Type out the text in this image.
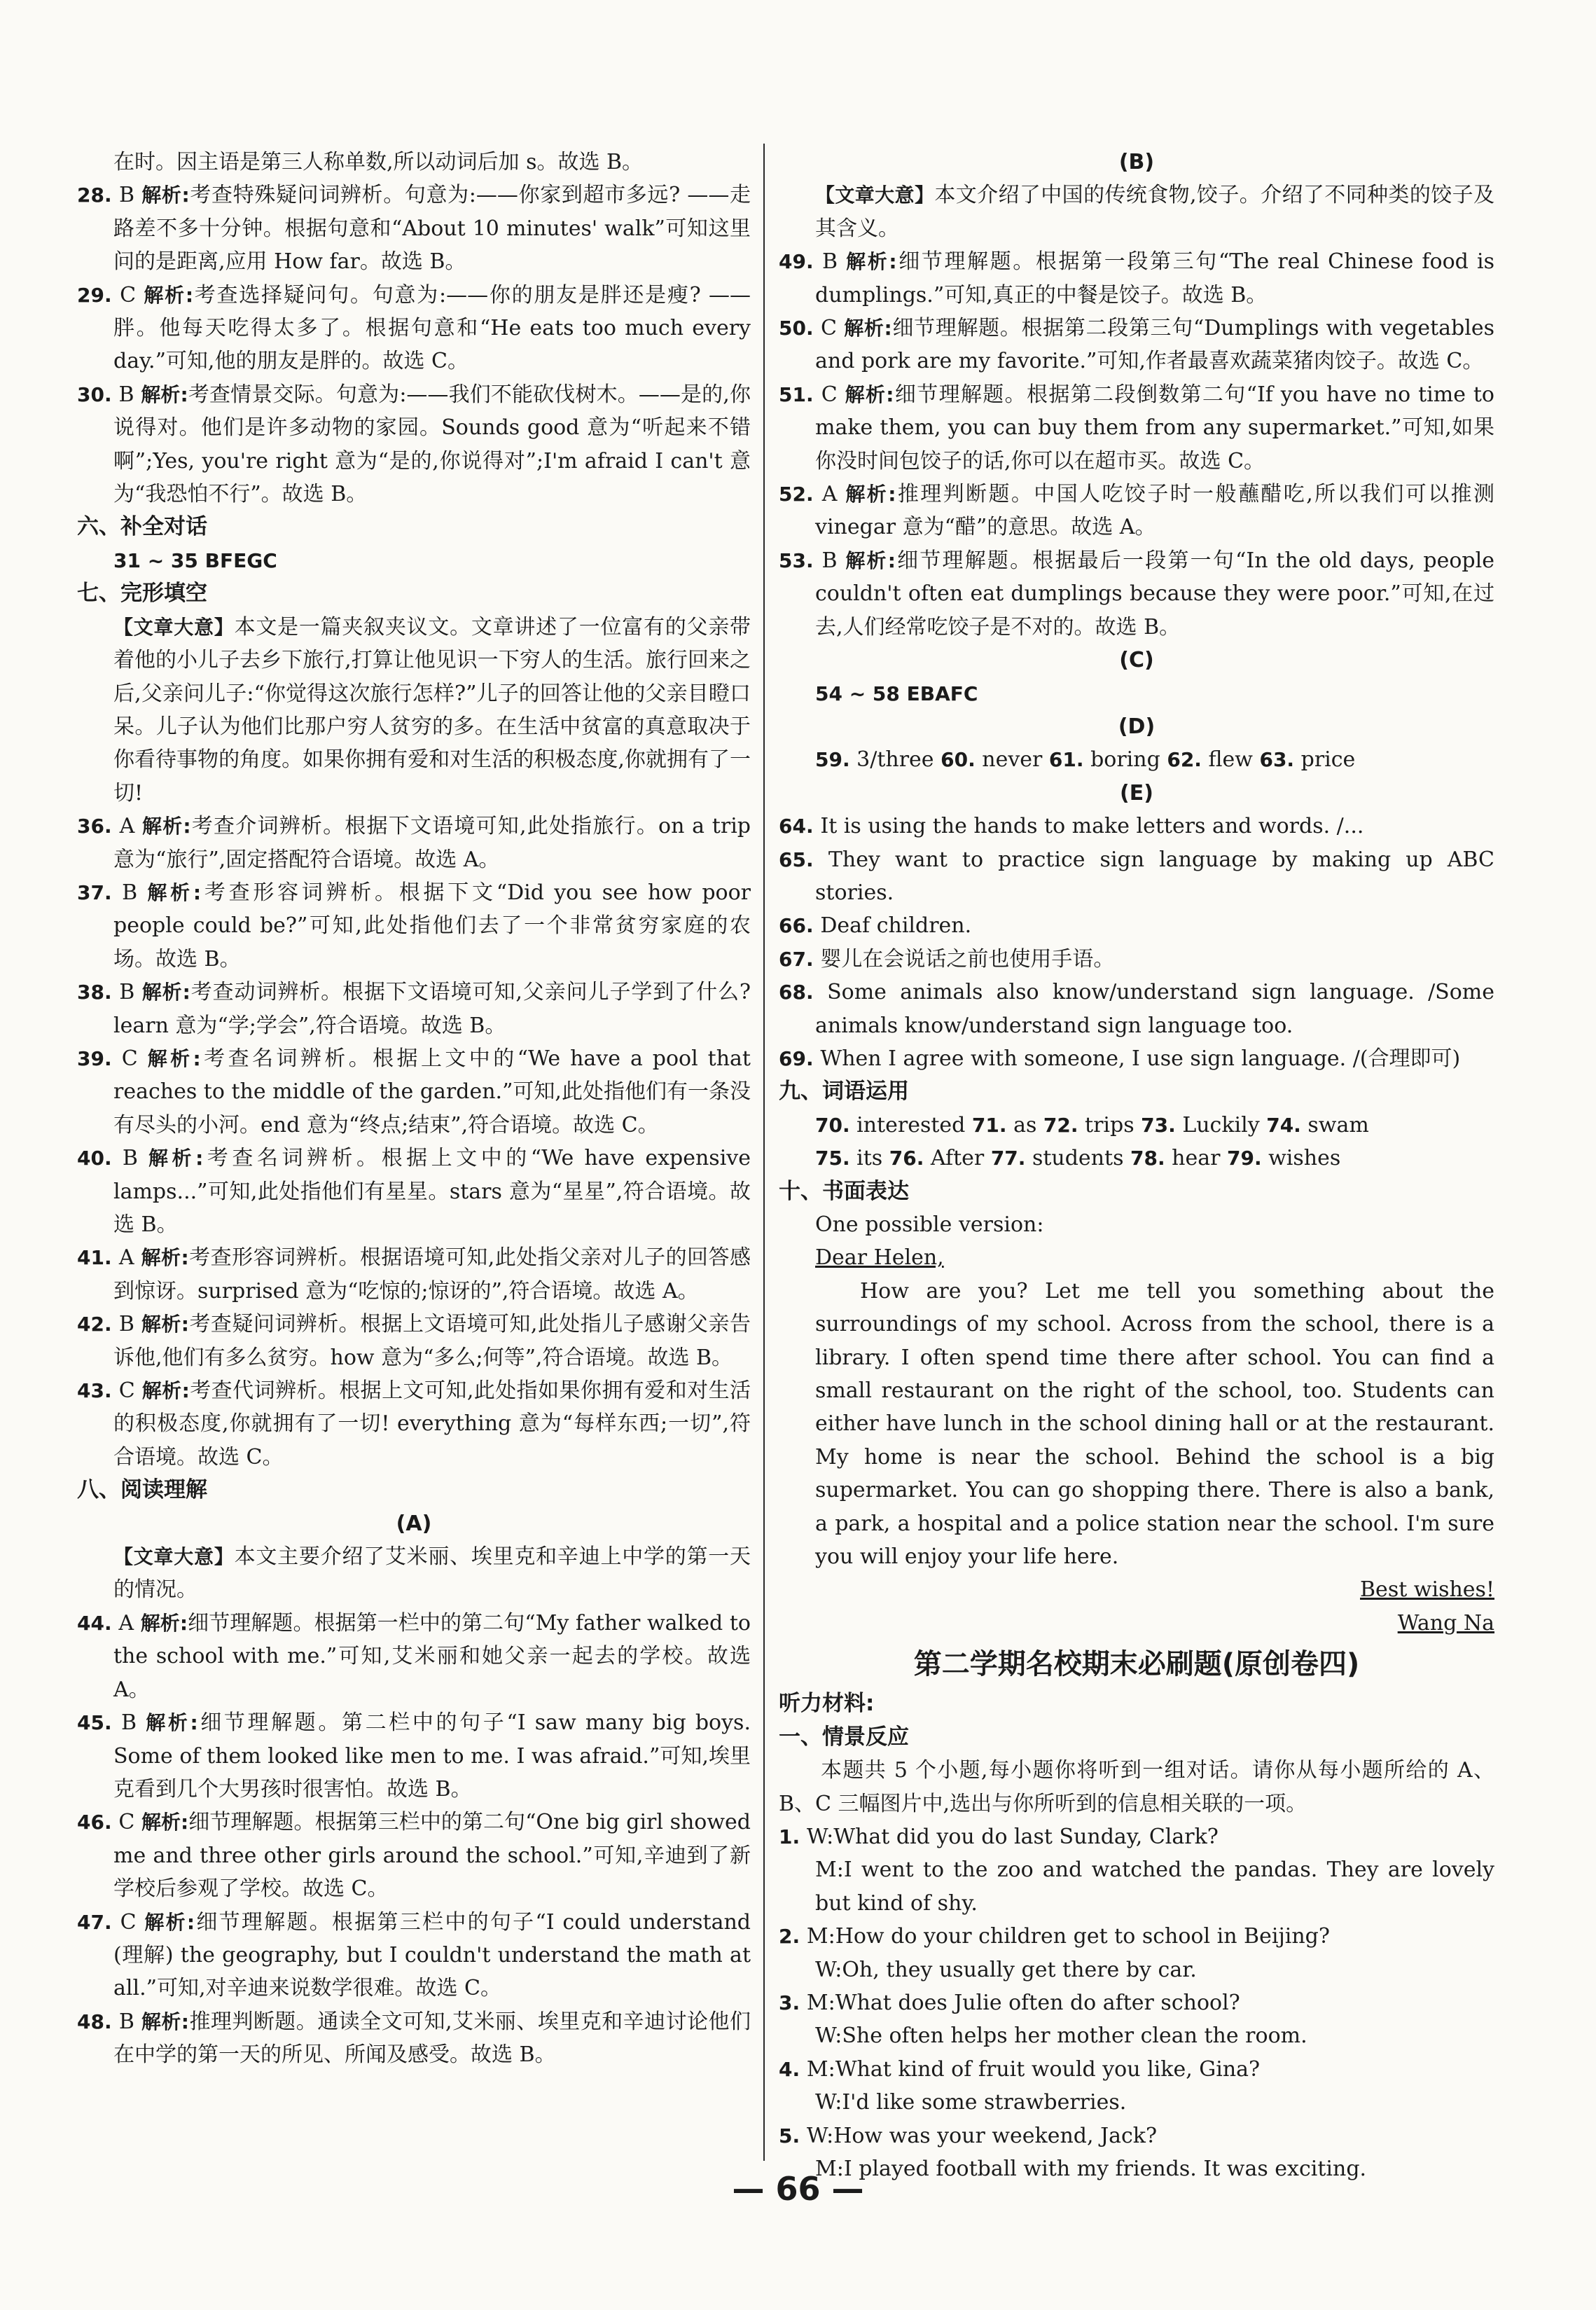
在时。因主语是第三人称单数,所以动词后加 s。故选 B。

28. B 解析:考查特殊疑问词辨析。句意为:——你家到超市多远? ——走路差不多十分钟。根据句意和“About 10 minutes' walk”可知这里问的是距离,应用 How far。故选 B。

29. C 解析:考查选择疑问句。句意为:——你的朋友是胖还是瘦? ——胖。他每天吃得太多了。根据句意和“He eats too much every day.”可知,他的朋友是胖的。故选 C。

30. B 解析:考查情景交际。句意为:——我们不能砍伐树木。——是的,你说得对。他们是许多动物的家园。Sounds good 意为“听起来不错啊”;Yes, you're right 意为“是的,你说得对”;I'm afraid I can't 意为“我恐怕不行”。故选 B。

六、补全对话

31 ~ 35 BFEGC

七、完形填空

【文章大意】本文是一篇夹叙夹议文。文章讲述了一位富有的父亲带着他的小儿子去乡下旅行,打算让他见识一下穷人的生活。旅行回来之后,父亲问儿子:“你觉得这次旅行怎样?”儿子的回答让他的父亲目瞪口呆。儿子认为他们比那户穷人贫穷的多。在生活中贫富的真意取决于你看待事物的角度。如果你拥有爱和对生活的积极态度,你就拥有了一切!

36. A 解析:考查介词辨析。根据下文语境可知,此处指旅行。on a trip 意为“旅行”,固定搭配符合语境。故选 A。

37. B 解析:考查形容词辨析。根据下文“Did you see how poor people could be?”可知,此处指他们去了一个非常贫穷家庭的农场。故选 B。

38. B 解析:考查动词辨析。根据下文语境可知,父亲问儿子学到了什么? learn 意为“学;学会”,符合语境。故选 B。

39. C 解析:考查名词辨析。根据上文中的“We have a pool that reaches to the middle of the garden.”可知,此处指他们有一条没有尽头的小河。end 意为“终点;结束”,符合语境。故选 C。

40. B 解析:考查名词辨析。根据上文中的“We have expensive lamps...”可知,此处指他们有星星。stars 意为“星星”,符合语境。故选 B。

41. A 解析:考查形容词辨析。根据语境可知,此处指父亲对儿子的回答感到惊讶。surprised 意为“吃惊的;惊讶的”,符合语境。故选 A。

42. B 解析:考查疑问词辨析。根据上文语境可知,此处指儿子感谢父亲告诉他,他们有多么贫穷。how 意为“多么;何等”,符合语境。故选 B。

43. C 解析:考查代词辨析。根据上文可知,此处指如果你拥有爱和对生活的积极态度,你就拥有了一切! everything 意为“每样东西;一切”,符合语境。故选 C。

八、阅读理解
(A)

【文章大意】本文主要介绍了艾米丽、埃里克和辛迪上中学的第一天的情况。

44. A 解析:细节理解题。根据第一栏中的第二句“My father walked to the school with me.”可知,艾米丽和她父亲一起去的学校。故选 A。

45. B 解析:细节理解题。第二栏中的句子“I saw many big boys. Some of them looked like men to me. I was afraid.”可知,埃里克看到几个大男孩时很害怕。故选 B。

46. C 解析:细节理解题。根据第三栏中的第二句“One big girl showed me and three other girls around the school.”可知,辛迪到了新学校后参观了学校。故选 C。

47. C 解析:细节理解题。根据第三栏中的句子“I could understand (理解) the geography, but I couldn't understand the math at all.”可知,对辛迪来说数学很难。故选 C。

48. B 解析:推理判断题。通读全文可知,艾米丽、埃里克和辛迪讨论他们在中学的第一天的所见、所闻及感受。故选 B。

(B)

【文章大意】本文介绍了中国的传统食物,饺子。介绍了不同种类的饺子及其含义。

49. B 解析:细节理解题。根据第一段第三句“The real Chinese food is dumplings.”可知,真正的中餐是饺子。故选 B。

50. C 解析:细节理解题。根据第二段第三句“Dumplings with vegetables and pork are my favorite.”可知,作者最喜欢蔬菜猪肉饺子。故选 C。

51. C 解析:细节理解题。根据第二段倒数第二句“If you have no time to make them, you can buy them from any supermarket.”可知,如果你没时间包饺子的话,你可以在超市买。故选 C。

52. A 解析:推理判断题。中国人吃饺子时一般蘸醋吃,所以我们可以推测 vinegar 意为“醋”的意思。故选 A。

53. B 解析:细节理解题。根据最后一段第一句“In the old days, people couldn't often eat dumplings because they were poor.”可知,在过去,人们经常吃饺子是不对的。故选 B。

(C)

54 ~ 58 EBAFC

(D)

59. 3/three 60. never 61. boring 62. flew 63. price

(E)

64. It is using the hands to make letters and words. /...

65. They want to practice sign language by making up ABC stories.

66. Deaf children.

67. 婴儿在会说话之前也使用手语。

68. Some animals also know/understand sign language. /Some animals know/understand sign language too.

69. When I agree with someone, I use sign language. /(合理即可)

九、词语运用

70. interested 71. as 72. trips 73. Luckily 74. swam

75. its 76. After 77. students 78. hear 79. wishes

十、书面表达

One possible version:

Dear Helen,

How are you? Let me tell you something about the surroundings of my school. Across from the school, there is a library. I often spend time there after school. You can find a small restaurant on the right of the school, too. Students can either have lunch in the school dining hall or at the restaurant. My home is near the school. Behind the school is a big supermarket. You can go shopping there. There is also a bank, a park, a hospital and a police station near the school. I'm sure you will enjoy your life here.

Best wishes!

Wang Na

第二学期名校期末必刷题(原创卷四)
听力材料:
一、情景反应

本题共 5 个小题,每小题你将听到一组对话。请你从每小题所给的 A、B、C 三幅图片中,选出与你所听到的信息相关联的一项。

1. W:What did you do last Sunday, Clark?

M:I went to the zoo and watched the pandas. They are lovely but kind of shy.

2. M:How do your children get to school in Beijing?

W:Oh, they usually get there by car.

3. M:What does Julie often do after school?

W:She often helps her mother clean the room.

4. M:What kind of fruit would you like, Gina?

W:I'd like some strawberries.

5. W:How was your weekend, Jack?

M:I played football with my friends. It was exciting.

— 66 —
